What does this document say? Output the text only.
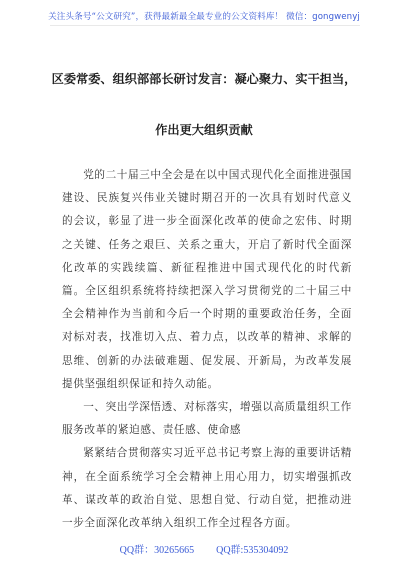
关注头条号“公文研究”，获得最新最全最专业的公文资料库！ 微信：gongwenyj
区委常委、组织部部长研讨发言：凝心聚力、实干担当，
作出更大组织贡献

党的二十届三中全会是在以中国式现代化全面推进强国建设、民族复兴伟业关键时期召开的一次具有划时代意义的会议，彰显了进一步全面深化改革的使命之宏伟、时期之关键、任务之艰巨、关系之重大，开启了新时代全面深化改革的实践续篇、新征程推进中国式现代化的时代新篇。全区组织系统将持续把深入学习贯彻党的二十届三中全会精神作为当前和今后一个时期的重要政治任务，全面对标对表，找准切入点、着力点，以改革的精神、求解的思维、创新的办法破难题、促发展、开新局，为改革发展提供坚强组织保证和持久动能。

一、突出学深悟透、对标落实，增强以高质量组织工作服务改革的紧迫感、责任感、使命感

紧紧结合贯彻落实习近平总书记考察上海的重要讲话精神，在全面系统学习全会精神上用心用力，切实增强抓改革、谋改革的政治自觉、思想自觉、行动自觉，把推动进一步全面深化改革纳入组织工作全过程各方面。

QQ群：30265665 QQ群:535304092
